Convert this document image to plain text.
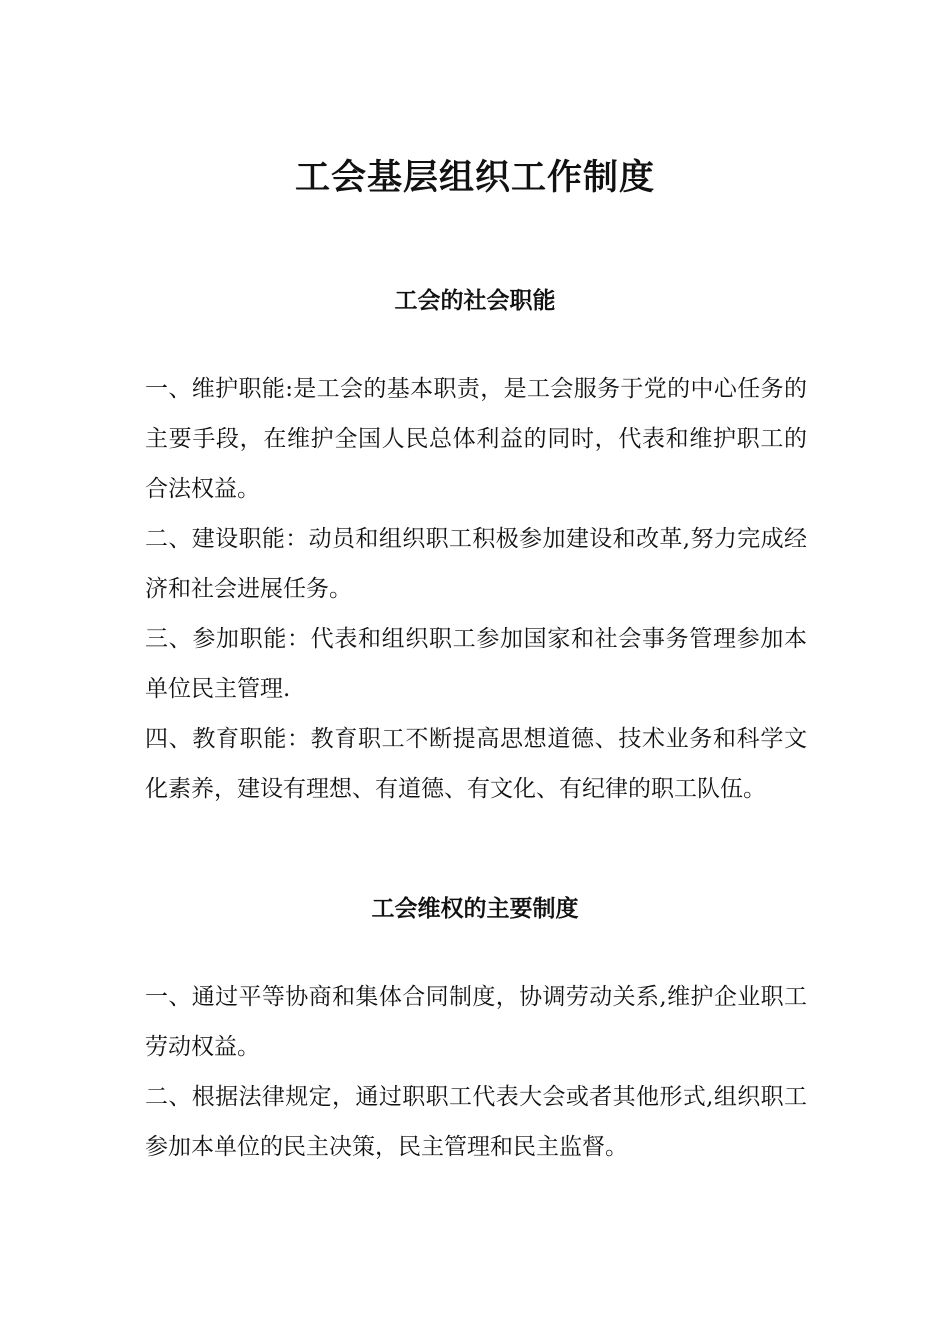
工会基层组织工作制度
工会的社会职能

一、维护职能:是工会的基本职责，是工会服务于党的中心任务的主要手段，在维护全国人民总体利益的同时，代表和维护职工的合法权益。

二、建设职能：动员和组织职工积极参加建设和改革,努力完成经济和社会进展任务。

三、参加职能：代表和组织职工参加国家和社会事务管理参加本单位民主管理.

四、教育职能：教育职工不断提高思想道德、技术业务和科学文化素养，建设有理想、有道德、有文化、有纪律的职工队伍。

工会维权的主要制度

一、通过平等协商和集体合同制度，协调劳动关系,维护企业职工劳动权益。

二、根据法律规定，通过职职工代表大会或者其他形式,组织职工参加本单位的民主决策，民主管理和民主监督。
